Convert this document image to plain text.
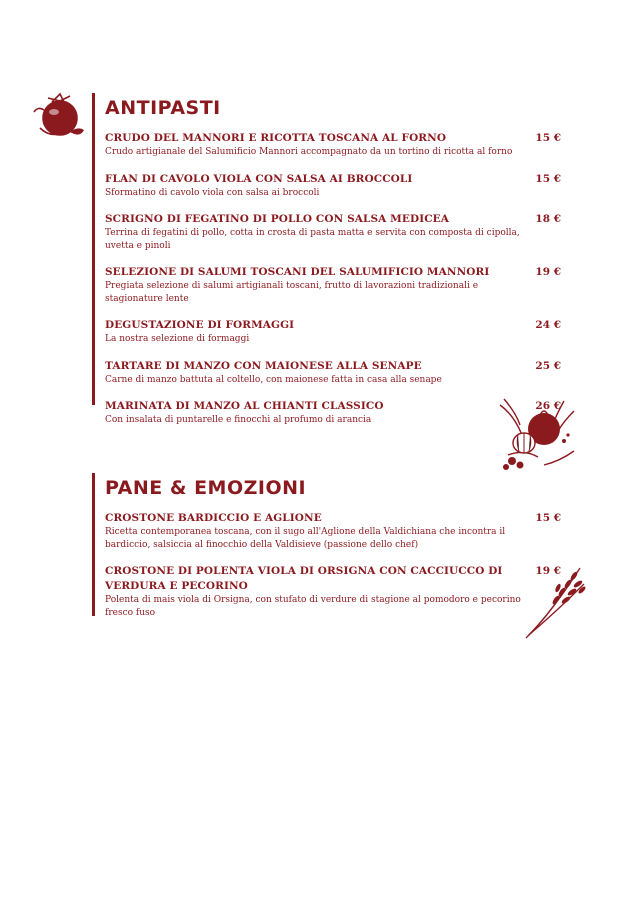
ANTIPASTI
CRUDO DEL MANNORI E RICOTTA TOSCANA AL FORNO
Crudo artigianale del Salumificio Mannori accompagnato da un tortino di ricotta al forno
15 €
FLAN DI CAVOLO VIOLA CON SALSA AI BROCCOLI
Sformatino di cavolo viola con salsa ai broccoli
15 €
SCRIGNO DI FEGATINO DI POLLO CON SALSA MEDICEA
Terrina di fegatini di pollo, cotta in crosta di pasta matta e servita con composta di cipolla, uvetta e pinoli
18 €
SELEZIONE DI SALUMI TOSCANI DEL SALUMIFICIO MANNORI
Pregiata selezione di salumi artigianali toscani, frutto di lavorazioni tradizionali e stagionature lente
19 €
DEGUSTAZIONE DI FORMAGGI
La nostra selezione di formaggi
24 €
TARTARE DI MANZO CON MAIONESE ALLA SENAPE
Carne di manzo battuta al coltello, con maionese fatta in casa alla senape
25 €
MARINATA DI MANZO AL CHIANTI CLASSICO
Con insalata di puntarelle e finocchi al profumo di arancia
26 €
PANE & EMOZIONI
CROSTONE BARDICCIO E AGLIONE
Ricetta contemporanea toscana, con il sugo all'Aglione della Valdichiana che incontra il bardiccio, salsiccia al finocchio della Valdisieve (passione dello chef)
15 €
CROSTONE DI POLENTA VIOLA DI ORSIGNA CON CACCIUCCO DI VERDURA E PECORINO
Polenta di mais viola di Orsigna, con stufato di verdure di stagione al pomodoro e pecorino fresco fuso
19 €
